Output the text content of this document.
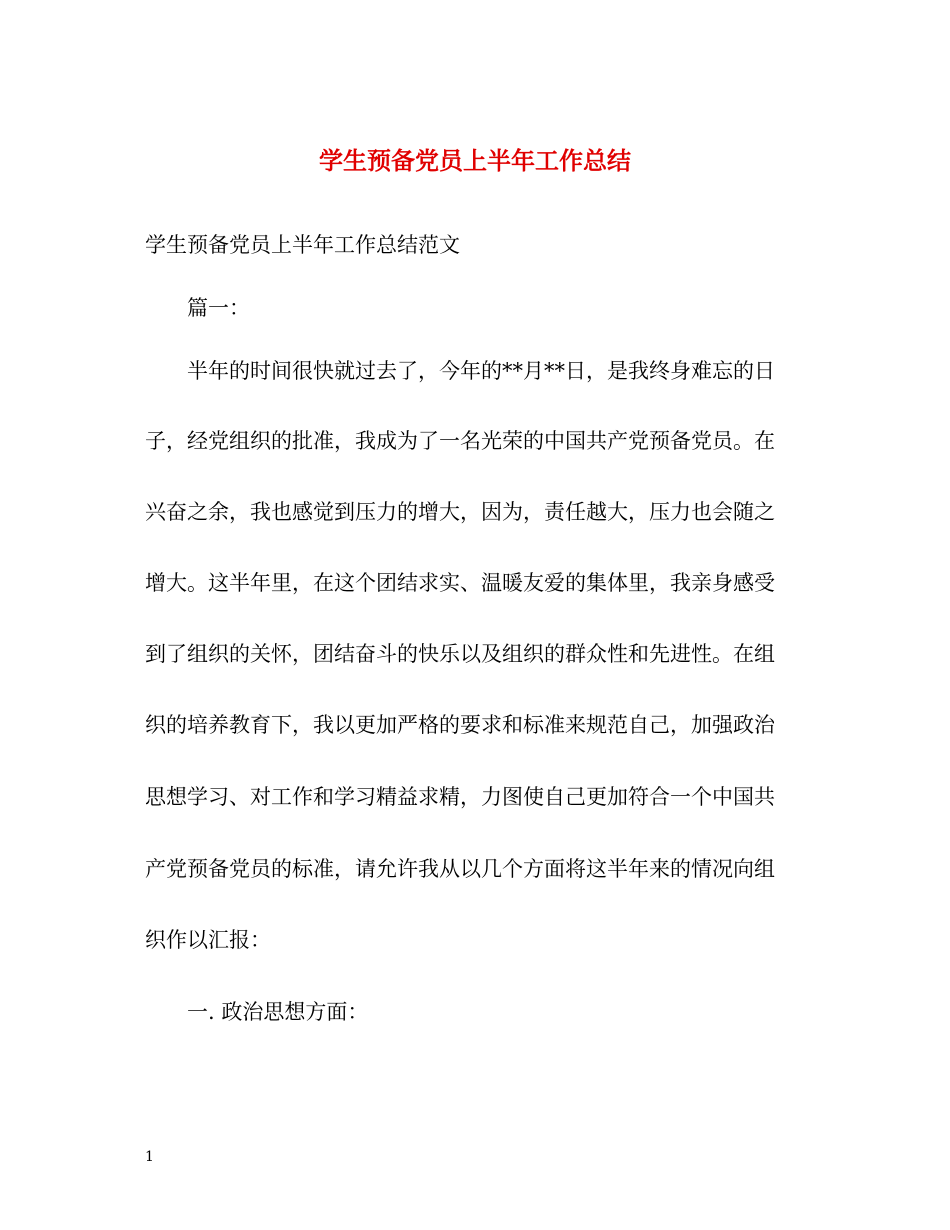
学生预备党员上半年工作总结

学生预备党员上半年工作总结范文

篇一：

半年的时间很快就过去了，今年的**月**日，是我终身难忘的日

子，经党组织的批准，我成为了一名光荣的中国共产党预备党员。在

兴奋之余，我也感觉到压力的增大，因为，责任越大，压力也会随之

增大。这半年里，在这个团结求实、温暖友爱的集体里，我亲身感受

到了组织的关怀，团结奋斗的快乐以及组织的群众性和先进性。在组

织的培养教育下，我以更加严格的要求和标准来规范自己，加强政治

思想学习、对工作和学习精益求精，力图使自己更加符合一个中国共

产党预备党员的标准，请允许我从以几个方面将这半年来的情况向组

织作以汇报：

一. 政治思想方面：

1
